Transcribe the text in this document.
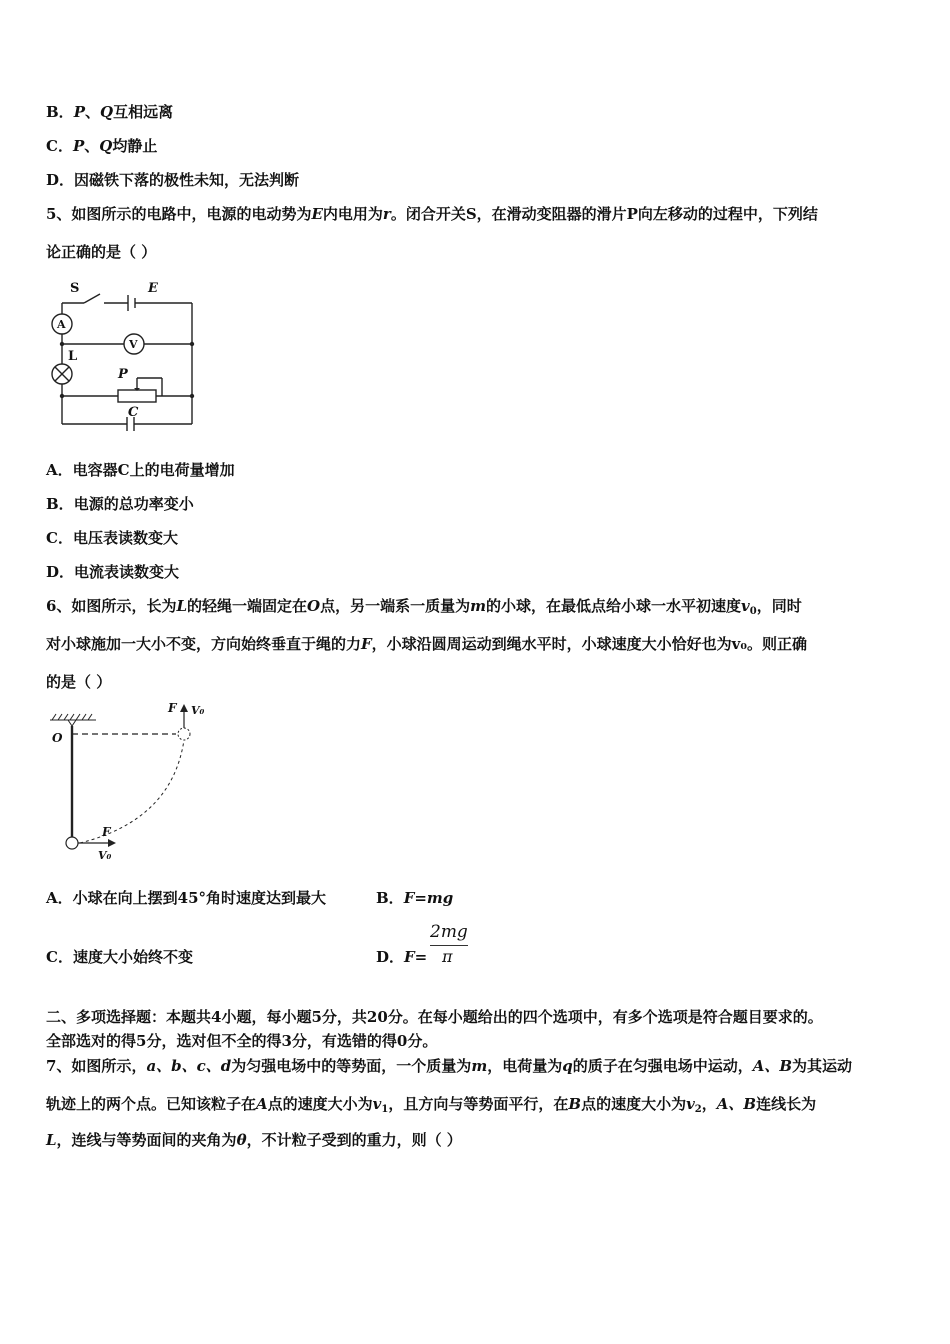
B．P、Q互相远离
C．P、Q均静止
D．因磁铁下落的极性未知，无法判断
5、如图所示的电路中，电源的电动势为E内电用为r。闭合开关S，在滑动变阻器的滑片P向左移动的过程中，下列结
论正确的是（ ）
S	E
A
V
L
P
C
A．电容器C上的电荷量增加
B．电源的总功率变小
C．电压表读数变大
D．电流表读数变大
6、如图所示，长为L的轻绳一端固定在O点，另一端系一质量为m的小球，在最低点给小球一水平初速度$v_0$，同时
对小球施加一大小不变，方向始终垂直于绳的力F，小球沿圆周运动到绳水平时，小球速度大小恰好也为v₀。则正确
的是（ ）
O
F V₀
F
V₀
A．小球在向上摆到45°角时速度达到最大	B．F=mg
C．速度大小始终不变	D．F=
2mg
π
二、多项选择题：本题共4小题，每小题5分，共20分。在每小题给出的四个选项中，有多个选项是符合题目要求的。
全部选对的得5分，选对但不全的得3分，有选错的得0分。
7、如图所示，a、b、c、d为匀强电场中的等势面，一个质量为m，电荷量为q的质子在匀强电场中运动，A、B为其运动
轨迹上的两个点。已知该粒子在A点的速度大小为$v_1$，且方向与等势面平行，在B点的速度大小为$v_2$，A、B连线长为
L，连线与等势面间的夹角为θ，不计粒子受到的重力，则（ ）
